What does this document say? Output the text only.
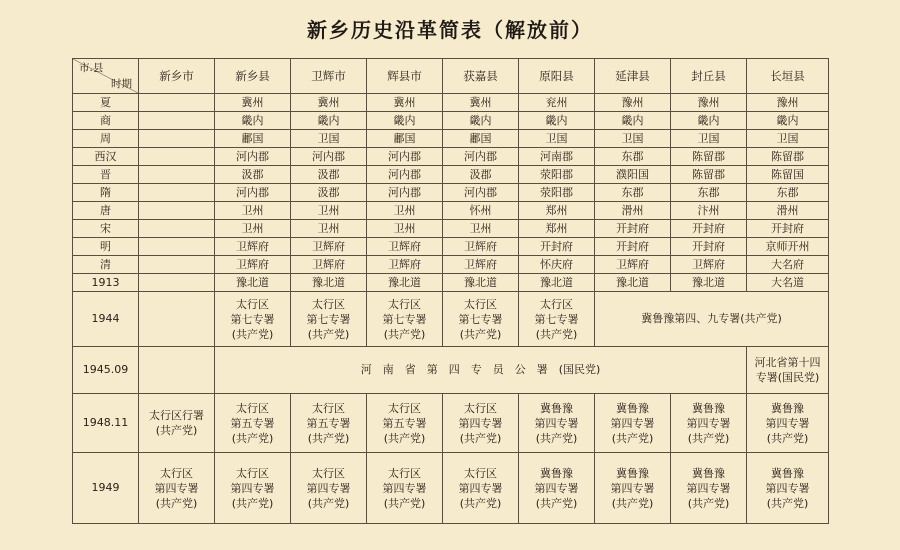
新乡历史沿革简表（解放前）
市.县
时期	新乡市	新乡县	卫辉市	辉县市	获嘉县	原阳县	延津县	封丘县	长垣县
夏		冀州	冀州	冀州	冀州	兖州	豫州	豫州	豫州
商		畿内	畿内	畿内	畿内	畿内	畿内	畿内	畿内
周		鄘国	卫国	鄘国	鄘国	卫国	卫国	卫国	卫国
西汉		河内郡	河内郡	河内郡	河内郡	河南郡	东郡	陈留郡	陈留郡
晋		汲郡	汲郡	河内郡	汲郡	荥阳郡	濮阳国	陈留郡	陈留国
隋		河内郡	汲郡	河内郡	河内郡	荥阳郡	东郡	东郡	东郡
唐		卫州	卫州	卫州	怀州	郑州	滑州	汴州	滑州
宋		卫州	卫州	卫州	卫州	郑州	开封府	开封府	开封府
明		卫辉府	卫辉府	卫辉府	卫辉府	开封府	开封府	开封府	京师开州
清		卫辉府	卫辉府	卫辉府	卫辉府	怀庆府	卫辉府	卫辉府	大名府
1913		豫北道	豫北道	豫北道	豫北道	豫北道	豫北道	豫北道	大名道
1944		太行区
第七专署
(共产党)	太行区
第七专署
(共产党)	太行区
第七专署
(共产党)	太行区
第七专署
(共产党)	太行区
第七专署
(共产党)	冀鲁豫第四、九专署(共产党)		
1945.09		河　南　省　第　四　专　员　公　署　(国民党)							河北省第十四
专署(国民党)
1948.11	太行区行署
(共产党)	太行区
第五专署
(共产党)	太行区
第五专署
(共产党)	太行区
第五专署
(共产党)	太行区
第四专署
(共产党)	冀鲁豫
第四专署
(共产党)	冀鲁豫
第四专署
(共产党)	冀鲁豫
第四专署
(共产党)	冀鲁豫
第四专署
(共产党)
1949	太行区
第四专署
(共产党)	太行区
第四专署
(共产党)	太行区
第四专署
(共产党)	太行区
第四专署
(共产党)	太行区
第四专署
(共产党)	冀鲁豫
第四专署
(共产党)	冀鲁豫
第四专署
(共产党)	冀鲁豫
第四专署
(共产党)	冀鲁豫
第四专署
(共产党)
